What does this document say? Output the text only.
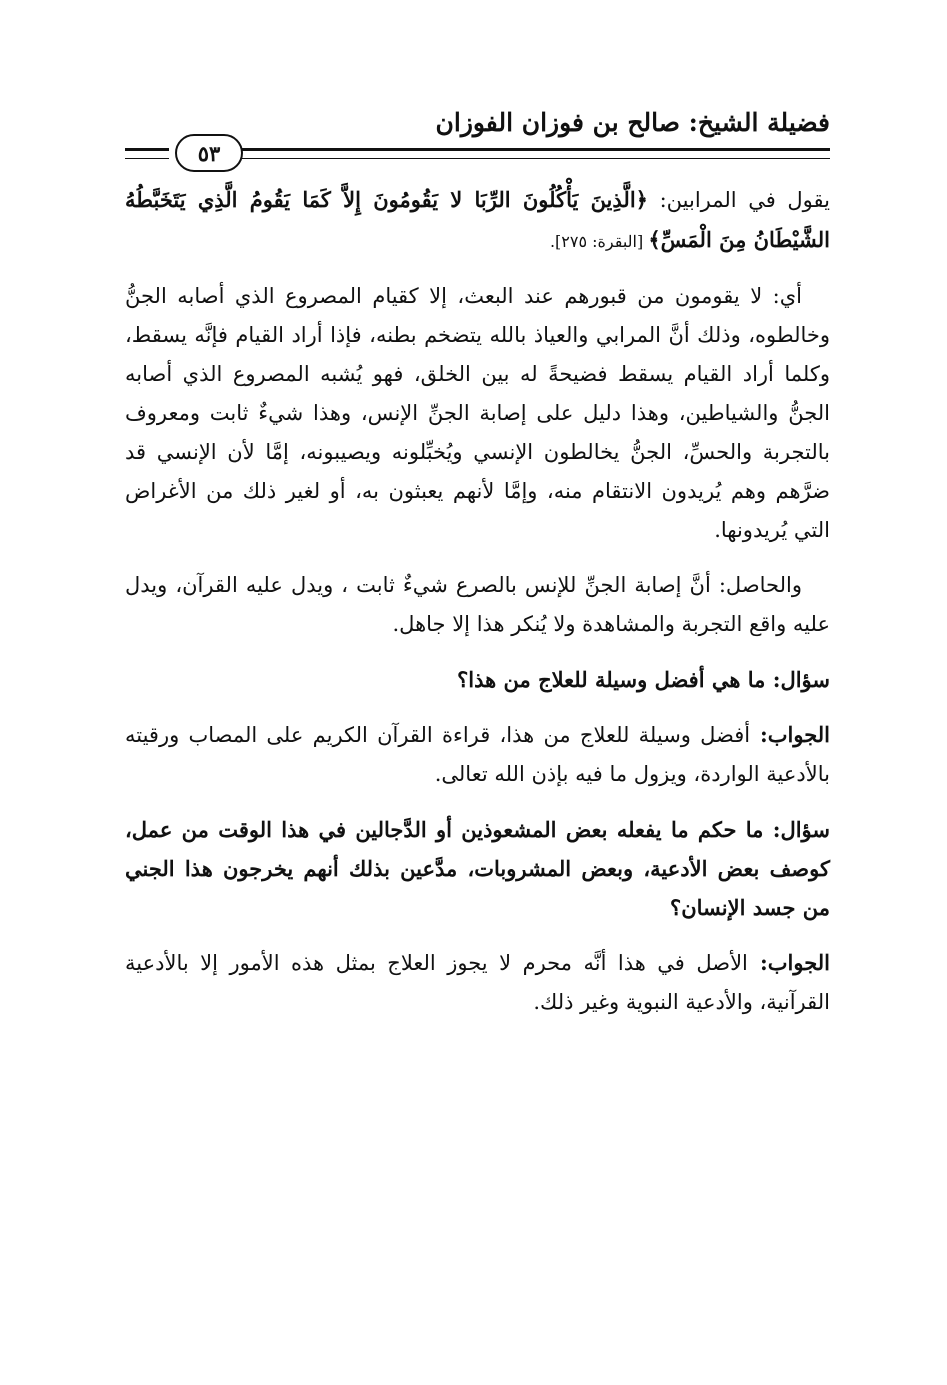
فضيلة الشيخ: صالح بن فوزان الفوزان
٥٣

يقول في المرابين: ﴿الَّذِينَ يَأْكُلُونَ الرِّبَا لا يَقُومُونَ إِلاَّ كَمَا يَقُومُ الَّذِي يَتَخَبَّطُهُ الشَّيْطَانُ مِنَ الْمَسِّ﴾ [البقرة: ٢٧٥].

أي: لا يقومون من قبورهم عند البعث، إلا كقيام المصروع الذي أصابه الجنُّ وخالطوه، وذلك أنَّ المرابي والعياذ بالله يتضخم بطنه، فإذا أراد القيام فإنَّه يسقط، وكلما أراد القيام يسقط فضيحةً له بين الخلق، فهو يُشبه المصروع الذي أصابه الجنُّ والشياطين، وهذا دليل على إصابة الجنِّ الإنس، وهذا شيءٌ ثابت ومعروف بالتجربة والحسِّ، الجنُّ يخالطون الإنسي ويُخبِّلونه ويصيبونه، إمَّا لأن الإنسي قد ضرَّهم وهم يُريدون الانتقام منه، وإمَّا لأنهم يعبثون به، أو لغير ذلك من الأغراض التي يُريدونها.

والحاصل: أنَّ إصابة الجنِّ للإنس بالصرع شيءٌ ثابت ، ويدل عليه القرآن، ويدل عليه واقع التجربة والمشاهدة ولا يُنكر هذا إلا جاهل.

سؤال: ما هي أفضل وسيلة للعلاج من هذا؟

الجواب: أفضل وسيلة للعلاج من هذا، قراءة القرآن الكريم على المصاب ورقيته بالأدعية الواردة، ويزول ما فيه بإذن الله تعالى.

سؤال: ما حكم ما يفعله بعض المشعوذين أو الدَّجالين في هذا الوقت من عمل، كوصف بعض الأدعية، وبعض المشروبات، مدَّعين بذلك أنهم يخرجون هذا الجني من جسد الإنسان؟

الجواب: الأصل في هذا أنَّه محرم لا يجوز العلاج بمثل هذه الأمور إلا بالأدعية القرآنية، والأدعية النبوية وغير ذلك.
